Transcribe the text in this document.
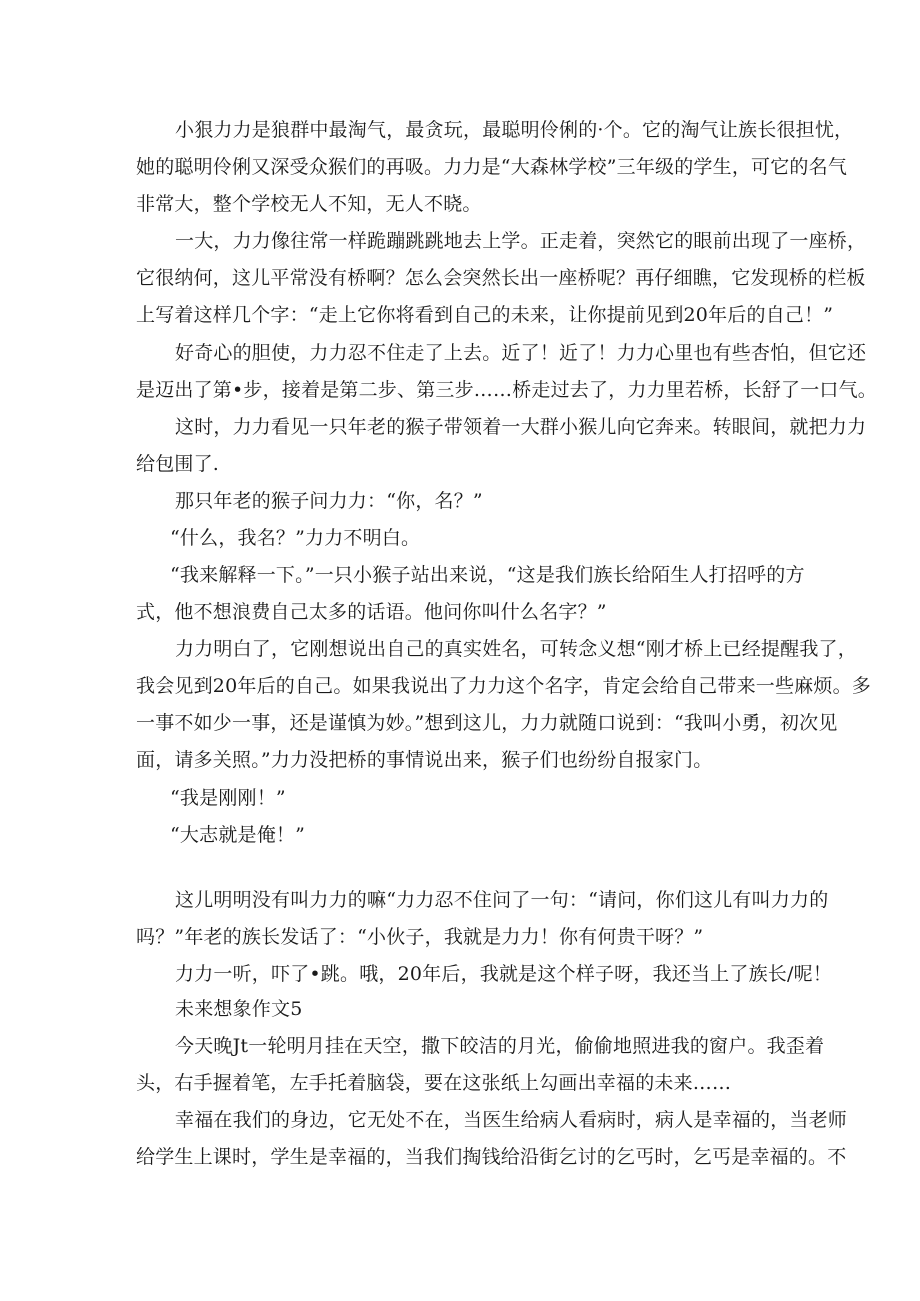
小狠力力是狼群中最淘气，最贪玩，最聪明伶俐的·个。它的淘气让族长很担忧，
她的聪明伶俐又深受众猴们的再吸。力力是“大森林学校”三年级的学生，可它的名气
非常大，整个学校无人不知，无人不晓。
一大，力力像往常一样跪蹦跳跳地去上学。正走着，突然它的眼前出现了一座桥，
它很纳何，这儿平常没有桥啊？怎么会突然长出一座桥呢？再仔细瞧，它发现桥的栏板
上写着这样几个字：“走上它你将看到自己的未来，让你提前见到20年后的自己！”
好奇心的胆使，力力忍不住走了上去。近了！近了！力力心里也有些杏怕，但它还
是迈出了第•步，接着是第二步、第三步……桥走过去了，力力里若桥，长舒了一口气。
这时，力力看见一只年老的猴子带领着一大群小猴儿向它奔来。转眼间，就把力力
给包围了.
那只年老的猴子问力力：“你，名？”
“什么，我名？”力力不明白。
“我来解释一下。”一只小猴子站出来说，“这是我们族长给陌生人打招呼的方
式，他不想浪费自己太多的话语。他问你叫什么名字？”
力力明白了，它刚想说出自己的真实姓名，可转念义想“刚才桥上已经提醒我了，
我会见到20年后的自己。如果我说出了力力这个名字，肯定会给自己带来一些麻烦。多
一事不如少一事，还是谨慎为妙。”想到这儿，力力就随口说到：“我叫小勇，初次见
面，请多关照。”力力没把桥的事情说出来，猴子们也纷纷自报家门。
“我是刚刚！”
“大志就是俺！”
这儿明明没有叫力力的嘛“力力忍不住问了一句：“请问，你们这儿有叫力力的
吗？”年老的族长发话了：“小伙子，我就是力力！你有何贵干呀？”
力力一听，吓了•跳。哦，20年后，我就是这个样子呀，我还当上了族长/呢！
未来想象作文5
今天晚Jt一轮明月挂在天空，撒下皎洁的月光，偷偷地照进我的窗户。我歪着
头，右手握着笔，左手托着脑袋，要在这张纸上勾画出幸福的未来……
幸福在我们的身边，它无处不在，当医生给病人看病时，病人是幸福的，当老师
给学生上课时，学生是幸福的，当我们掏钱给沿街乞讨的乞丐时，乞丐是幸福的。不
